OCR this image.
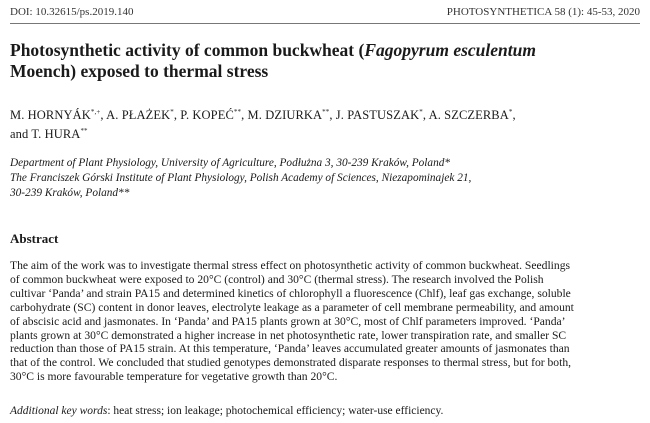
DOI: 10.32615/ps.2019.140	PHOTOSYNTHETICA 58 (1): 45-53, 2020
Photosynthetic activity of common buckwheat (Fagopyrum esculentum
Moench) exposed to thermal stress
M. HORNYÁK*,+, A. PŁAŻEK*, P. KOPEĆ**, M. DZIURKA**, J. PASTUSZAK*, A. SZCZERBA*,
and T. HURA**
Department of Plant Physiology, University of Agriculture, Podłużna 3, 30-239 Kraków, Poland*
The Franciszek Górski Institute of Plant Physiology, Polish Academy of Sciences, Niezapominajek 21,
30-239 Kraków, Poland**
Abstract
The aim of the work was to investigate thermal stress effect on photosynthetic activity of common buckwheat. Seedlings
of common buckwheat were exposed to 20°C (control) and 30°C (thermal stress). The research involved the Polish
cultivar ‘Panda’ and strain PA15 and determined kinetics of chlorophyll a fluorescence (Chlf), leaf gas exchange, soluble
carbohydrate (SC) content in donor leaves, electrolyte leakage as a parameter of cell membrane permeability, and amount
of abscisic acid and jasmonates. In ‘Panda’ and PA15 plants grown at 30°C, most of Chlf parameters improved. ‘Panda’
plants grown at 30°C demonstrated a higher increase in net photosynthetic rate, lower transpiration rate, and smaller SC
reduction than those of PA15 strain. At this temperature, ‘Panda’ leaves accumulated greater amounts of jasmonates than
that of the control. We concluded that studied genotypes demonstrated disparate responses to thermal stress, but for both,
30°C is more favourable temperature for vegetative growth than 20°C.
Additional key words: heat stress; ion leakage; photochemical efficiency; water-use efficiency.
